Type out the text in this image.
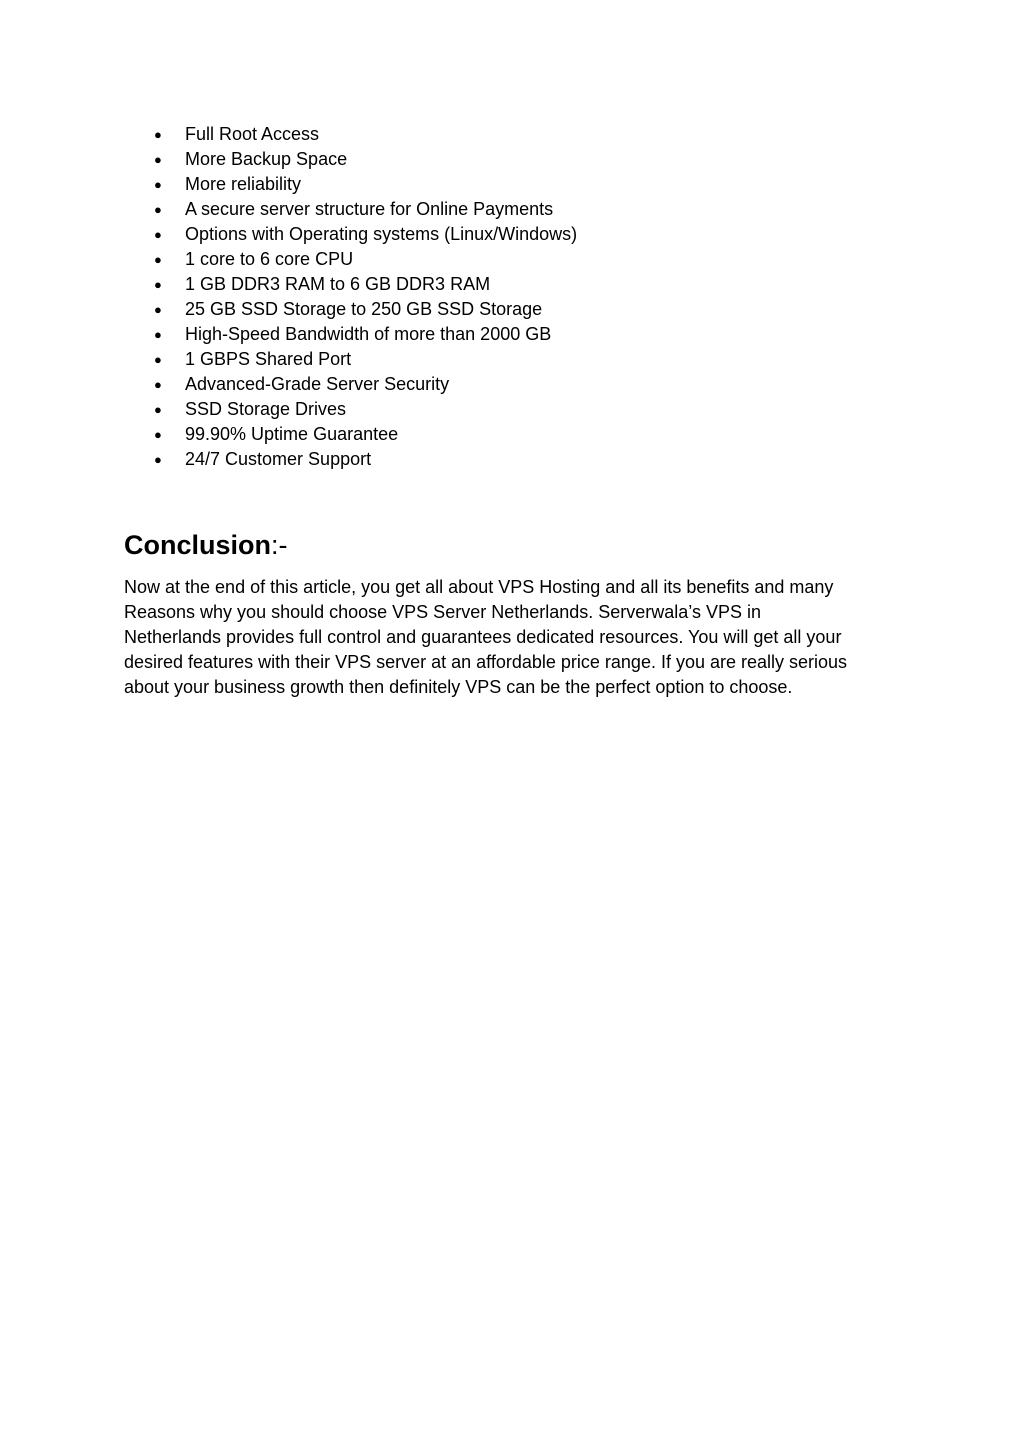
● Full Root Access
● More Backup Space
● More reliability
● A secure server structure for Online Payments
● Options with Operating systems (Linux/Windows)
● 1 core to 6 core CPU
● 1 GB DDR3 RAM to 6 GB DDR3 RAM
● 25 GB SSD Storage to 250 GB SSD Storage
● High-Speed Bandwidth of more than 2000 GB
● 1 GBPS Shared Port
● Advanced-Grade Server Security
● SSD Storage Drives
● 99.90% Uptime Guarantee
● 24/7 Customer Support
Conclusion:-

Now at the end of this article, you get all about VPS Hosting and all its benefits and many
Reasons why you should choose VPS Server Netherlands. Serverwala’s VPS in
Netherlands provides full control and guarantees dedicated resources. You will get all your
desired features with their VPS server at an affordable price range. If you are really serious
about your business growth then definitely VPS can be the perfect option to choose.
